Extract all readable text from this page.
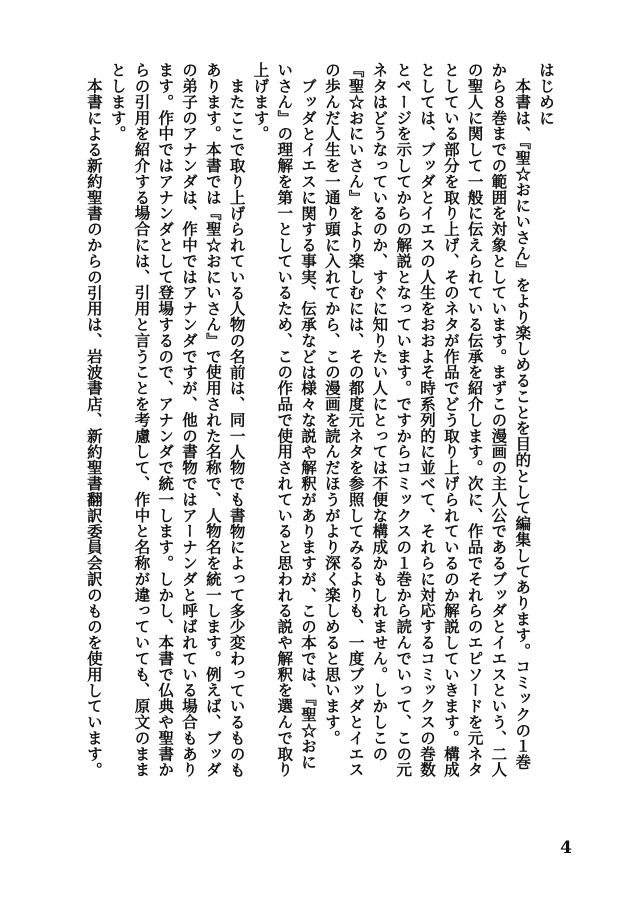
はじめに

本書は、『聖☆おにいさん』をより楽しめることを目的として編集してあります。コミックの１巻から８巻までの範囲を対象としています。まずこの漫画の主人公であるブッダとイエスという、二人の聖人に関して一般に伝えられている伝承を紹介します。次に、作品でそれらのエピソードを元ネタとしている部分を取り上げ、そのネタが作品でどう取り上げられているのか解説していきます。構成としては、ブッダとイエスの人生をおおよそ時系列的に並べて、それらに対応するコミックスの巻数とページを示してからの解説となっています。ですからコミックスの１巻から読んでいって、この元ネタはどうなっているのか、すぐに知りたい人にとっては不便な構成かもしれません。しかしこの『聖☆おにいさん』をより楽しむには、その都度元ネタを参照してみるよりも、一度ブッダとイエスの歩んだ人生を一通り頭に入れてから、この漫画を読んだほうがより深く楽しめると思います。

ブッダとイエスに関する事実、伝承などは様々な説や解釈がありますが、この本では、『聖☆おにいさん』の理解を第一としているため、この作品で使用されていると思われる説や解釈を選んで取り上げます。

またここで取り上げられている人物の名前は、同一人物でも書物によって多少変わっているものもあります。本書では『聖☆おにいさん』で使用された名称で、人物名を統一します。例えば、ブッダの弟子のアナンダは、作中ではアナンダですが、他の書物ではアーナンダと呼ばれている場合もあります。作中ではアナンダとして登場するので、アナンダで統一します。しかし、本書で仏典や聖書からの引用を紹介する場合には、引用と言うことを考慮して、作中と名称が違っていても、原文のままとします。

本書による新約聖書のからの引用は、岩波書店、新約聖書翻訳委員会訳のものを使用しています。

4
